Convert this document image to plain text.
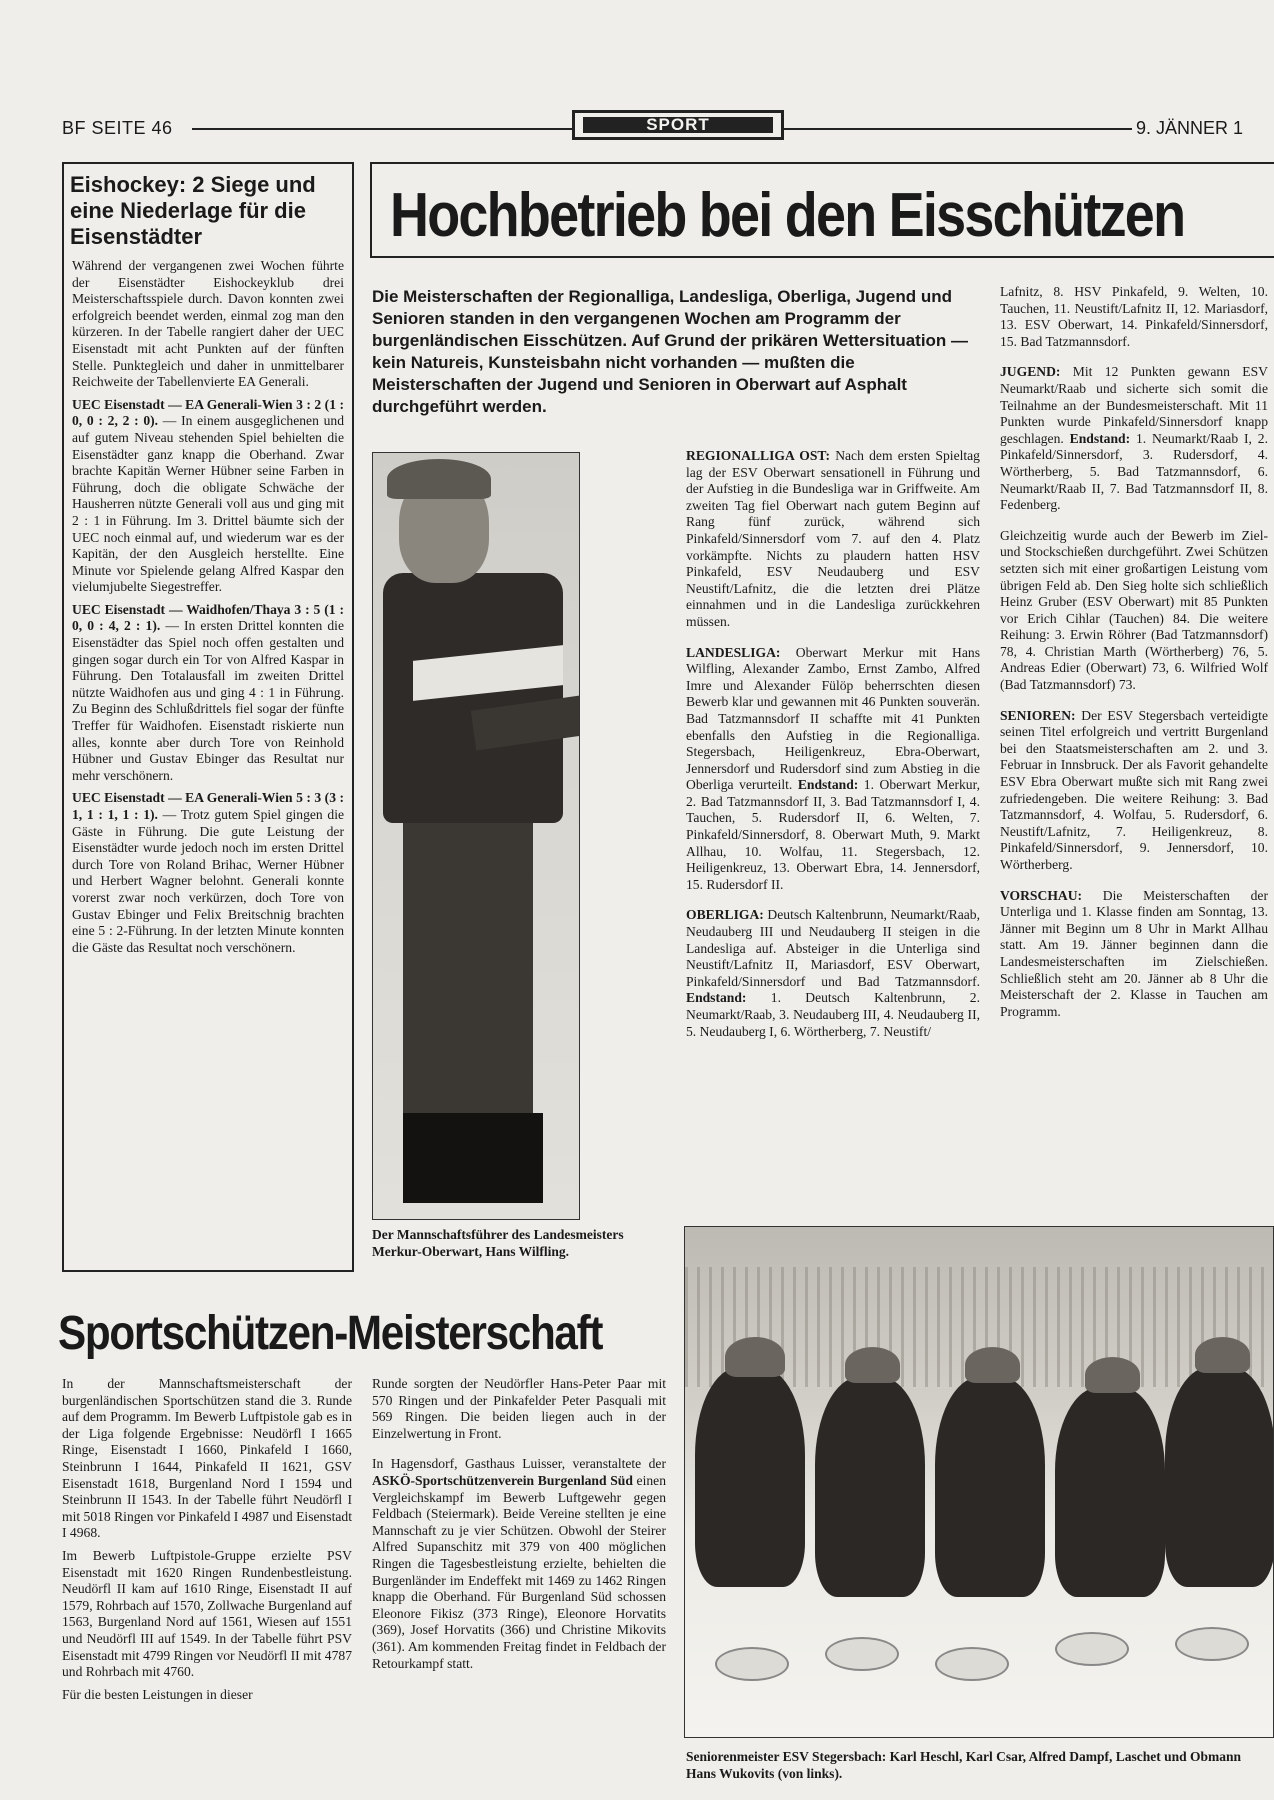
BF SEITE 46	SPORT	9. JÄNNER 1
Eishockey: 2 Siege und eine Niederlage für die Eisenstädter

Während der vergangenen zwei Wochen führte der Eisenstädter Eishockeyklub drei Meisterschaftsspiele durch. Davon konnten zwei erfolgreich beendet werden, einmal zog man den kürzeren. In der Tabelle rangiert daher der UEC Eisenstadt mit acht Punkten auf der fünften Stelle. Punktegleich und daher in unmittelbarer Reichweite der Tabellenvierte EA Generali.

UEC Eisenstadt — EA Generali-Wien 3 : 2 (1 : 0, 0 : 2, 2 : 0). — In einem ausgeglichenen und auf gutem Niveau stehenden Spiel behielten die Eisenstädter ganz knapp die Oberhand. Zwar brachte Kapitän Werner Hübner seine Farben in Führung, doch die obligate Schwäche der Hausherren nützte Generali voll aus und ging mit 2 : 1 in Führung. Im 3. Drittel bäumte sich der UEC noch einmal auf, und wiederum war es der Kapitän, der den Ausgleich herstellte. Eine Minute vor Spielende gelang Alfred Kaspar den vielumjubelte Siegestreffer.

UEC Eisenstadt — Waidhofen/Thaya 3 : 5 (1 : 0, 0 : 4, 2 : 1). — In ersten Drittel konnten die Eisenstädter das Spiel noch offen gestalten und gingen sogar durch ein Tor von Alfred Kaspar in Führung. Den Totalausfall im zweiten Drittel nützte Waidhofen aus und ging 4 : 1 in Führung. Zu Beginn des Schlußdrittels fiel sogar der fünfte Treffer für Waidhofen. Eisenstadt riskierte nun alles, konnte aber durch Tore von Reinhold Hübner und Gustav Ebinger das Resultat nur mehr verschönern.

UEC Eisenstadt — EA Generali-Wien 5 : 3 (3 : 1, 1 : 1, 1 : 1). — Trotz gutem Spiel gingen die Gäste in Führung. Die gute Leistung der Eisenstädter wurde jedoch noch im ersten Drittel durch Tore von Roland Brihac, Werner Hübner und Herbert Wagner belohnt. Generali konnte vorerst zwar noch verkürzen, doch Tore von Gustav Ebinger und Felix Breitschnig brachten eine 5 : 2-Führung. In der letzten Minute konnten die Gäste das Resultat noch verschönern.

Hochbetrieb bei den Eisschützen
Die Meisterschaften der Regionalliga, Landesliga, Oberliga, Jugend und Senioren standen in den vergangenen Wochen am Programm der burgenländischen Eisschützen. Auf Grund der prikären Wettersituation — kein Natureis, Kunsteisbahn nicht vorhanden — mußten die Meisterschaften der Jugend und Senioren in Oberwart auf Asphalt durchgeführt werden.
Der Mannschaftsführer des Landesmeisters Merkur-Oberwart, Hans Wilfling.

REGIONALLIGA OST: Nach dem ersten Spieltag lag der ESV Oberwart sensationell in Führung und der Aufstieg in die Bundesliga war in Griffweite. Am zweiten Tag fiel Oberwart nach gutem Beginn auf Rang fünf zurück, während sich Pinkafeld/Sinnersdorf vom 7. auf den 4. Platz vorkämpfte. Nichts zu plaudern hatten HSV Pinkafeld, ESV Neudauberg und ESV Neustift/Lafnitz, die die letzten drei Plätze einnahmen und in die Landesliga zurückkehren müssen.

LANDESLIGA: Oberwart Merkur mit Hans Wilfling, Alexander Zambo, Ernst Zambo, Alfred Imre und Alexander Fülöp beherrschten diesen Bewerb klar und gewannen mit 46 Punkten souverän. Bad Tatzmannsdorf II schaffte mit 41 Punkten ebenfalls den Aufstieg in die Regionalliga. Stegersbach, Heiligenkreuz, Ebra-Oberwart, Jennersdorf und Rudersdorf sind zum Abstieg in die Oberliga verurteilt. Endstand: 1. Oberwart Merkur, 2. Bad Tatzmannsdorf II, 3. Bad Tatzmannsdorf I, 4. Tauchen, 5. Rudersdorf II, 6. Welten, 7. Pinkafeld/Sinnersdorf, 8. Oberwart Muth, 9. Markt Allhau, 10. Wolfau, 11. Stegersbach, 12. Heiligenkreuz, 13. Oberwart Ebra, 14. Jennersdorf, 15. Rudersdorf II.

OBERLIGA: Deutsch Kaltenbrunn, Neumarkt/Raab, Neudauberg III und Neudauberg II steigen in die Landesliga auf. Absteiger in die Unterliga sind Neustift/Lafnitz II, Mariasdorf, ESV Oberwart, Pinkafeld/Sinnersdorf und Bad Tatzmannsdorf. Endstand: 1. Deutsch Kaltenbrunn, 2. Neumarkt/Raab, 3. Neudauberg III, 4. Neudauberg II, 5. Neudauberg I, 6. Wörtherberg, 7. Neustift/

Lafnitz, 8. HSV Pinkafeld, 9. Welten, 10. Tauchen, 11. Neustift/Lafnitz II, 12. Mariasdorf, 13. ESV Oberwart, 14. Pinkafeld/Sinnersdorf, 15. Bad Tatzmannsdorf.

JUGEND: Mit 12 Punkten gewann ESV Neumarkt/Raab und sicherte sich somit die Teilnahme an der Bundesmeisterschaft. Mit 11 Punkten wurde Pinkafeld/Sinnersdorf knapp geschlagen. Endstand: 1. Neumarkt/Raab I, 2. Pinkafeld/Sinnersdorf, 3. Rudersdorf, 4. Wörtherberg, 5. Bad Tatzmannsdorf, 6. Neumarkt/Raab II, 7. Bad Tatzmannsdorf II, 8. Fedenberg.

Gleichzeitig wurde auch der Bewerb im Ziel- und Stockschießen durchgeführt. Zwei Schützen setzten sich mit einer großartigen Leistung vom übrigen Feld ab. Den Sieg holte sich schließlich Heinz Gruber (ESV Oberwart) mit 85 Punkten vor Erich Cihlar (Tauchen) 84. Die weitere Reihung: 3. Erwin Röhrer (Bad Tatzmannsdorf) 78, 4. Christian Marth (Wörtherberg) 76, 5. Andreas Edier (Oberwart) 73, 6. Wilfried Wolf (Bad Tatzmannsdorf) 73.

SENIOREN: Der ESV Stegersbach verteidigte seinen Titel erfolgreich und vertritt Burgenland bei den Staatsmeisterschaften am 2. und 3. Februar in Innsbruck. Der als Favorit gehandelte ESV Ebra Oberwart mußte sich mit Rang zwei zufriedengeben. Die weitere Reihung: 3. Bad Tatzmannsdorf, 4. Wolfau, 5. Rudersdorf, 6. Neustift/Lafnitz, 7. Heiligenkreuz, 8. Pinkafeld/Sinnersdorf, 9. Jennersdorf, 10. Wörtherberg.

VORSCHAU: Die Meisterschaften der Unterliga und 1. Klasse finden am Sonntag, 13. Jänner mit Beginn um 8 Uhr in Markt Allhau statt. Am 19. Jänner beginnen dann die Landesmeisterschaften im Zielschießen. Schließlich steht am 20. Jänner ab 8 Uhr die Meisterschaft der 2. Klasse in Tauchen am Programm.

Sportschützen-Meisterschaft

In der Mannschaftsmeisterschaft der burgenländischen Sportschützen stand die 3. Runde auf dem Programm. Im Bewerb Luftpistole gab es in der Liga folgende Ergebnisse: Neudörfl I 1665 Ringe, Eisenstadt I 1660, Pinkafeld I 1660, Steinbrunn I 1644, Pinkafeld II 1621, GSV Eisenstadt 1618, Burgenland Nord I 1594 und Steinbrunn II 1543. In der Tabelle führt Neudörfl I mit 5018 Ringen vor Pinkafeld I 4987 und Eisenstadt I 4968.

Im Bewerb Luftpistole-Gruppe erzielte PSV Eisenstadt mit 1620 Ringen Rundenbestleistung. Neudörfl II kam auf 1610 Ringe, Eisenstadt II auf 1579, Rohrbach auf 1570, Zollwache Burgenland auf 1563, Burgenland Nord auf 1561, Wiesen auf 1551 und Neudörfl III auf 1549. In der Tabelle führt PSV Eisenstadt mit 4799 Ringen vor Neudörfl II mit 4787 und Rohrbach mit 4760.

Für die besten Leistungen in dieser

Runde sorgten der Neudörfler Hans-Peter Paar mit 570 Ringen und der Pinkafelder Peter Pasquali mit 569 Ringen. Die beiden liegen auch in der Einzelwertung in Front.

In Hagensdorf, Gasthaus Luisser, veranstaltete der ASKÖ-Sportschützenverein Burgenland Süd einen Vergleichskampf im Bewerb Luftgewehr gegen Feldbach (Steiermark). Beide Vereine stellten je eine Mannschaft zu je vier Schützen. Obwohl der Steirer Alfred Supanschitz mit 379 von 400 möglichen Ringen die Tagesbestleistung erzielte, behielten die Burgenländer im Endeffekt mit 1469 zu 1462 Ringen knapp die Oberhand. Für Burgenland Süd schossen Eleonore Fikisz (373 Ringe), Eleonore Horvatits (369), Josef Horvatits (366) und Christine Mikovits (361). Am kommenden Freitag findet in Feldbach der Retourkampf statt.

Seniorenmeister ESV Stegersbach: Karl Heschl, Karl Csar, Alfred Dampf, Laschet und Obmann Hans Wukovits (von links).
